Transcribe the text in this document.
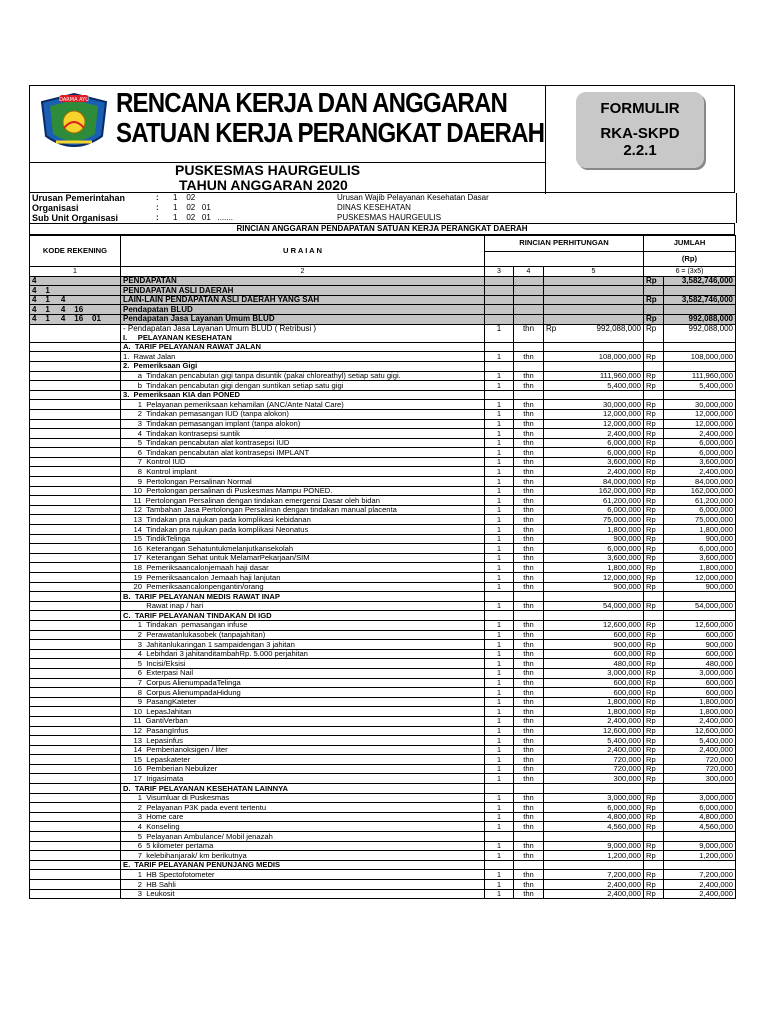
DARMA AYU RENCANA KERJA DAN ANGGARAN
SATUAN KERJA PERANGKAT DAERAH
PUSKESMAS HAURGEULIS
TAHUN ANGGARAN 2020
FORMULIR
RKA-SKPD
2.2.1
Urusan Pemerintahan	: 1    02	Urusan Wajib Pelayanan Kesehatan Dasar
Organisasi	: 1    02   01	DINAS KESEHATAN
Sub Unit Organisasi	: 1    02   01   .......	PUSKESMAS HAURGEULIS
RINCIAN ANGGARAN PENDAPATAN SATUAN KERJA PERANGKAT DAERAH
KODE REKENING	U R A I A N	RINCIAN PERHITUNGAN			JUMLAH	
					(Rp)	
1	2	3	4	5	6 = (3x5)	
4	PENDAPATAN				Rp	3,582,746,000
4    1	PENDAPATAN ASLI DAERAH					
4    1     4	LAIN-LAIN PENDAPATAN ASLI DAERAH YANG SAH				Rp	3,582,746,000
4    1     4    16	Pendapatan BLUD					
4    1     4    16    01	Pendapatan Jasa Layanan Umum BLUD				Rp	992,088,000
	- Pendapatan Jasa Layanan Umum BLUD ( Retribusi )	1	thn	Rp 992,088,000	Rp	992,088,000
	I.     PELAYANAN KESEHATAN					
	A.  TARIF PELAYANAN RAWAT JALAN					
	1.  Rawat Jalan	1	thn	108,000,000	Rp	108,000,000
	2.  Pemeriksaan Gigi					
	a  Tindakan pencabutan gigi tanpa disuntik (pakai chloreathyl) setiap satu gigi.	1	thn	111,960,000	Rp	111,960,000
	b  Tindakan pencabutan gigi dengan suntikan setiap satu gigi	1	thn	5,400,000	Rp	5,400,000
	3.  Pemeriksaan KIA dan PONED					
	1  Pelayanan pemeriksaan kehamilan (ANC/Ante Natal Care)	1	thn	30,000,000	Rp	30,000,000
	2  Tindakan pemasangan IUD (tanpa alokon)	1	thn	12,000,000	Rp	12,000,000
	3  Tindakan pemasangan implant (tanpa alokon)	1	thn	12,000,000	Rp	12,000,000
	4  Tindakan kontrasepsi suntik	1	thn	2,400,000	Rp	2,400,000
	5  Tindakan pencabutan alat kontrasepsi IUD	1	thn	6,000,000	Rp	6,000,000
	6  Tindakan pencabutan alat kontrasepsi IMPLANT	1	thn	6,000,000	Rp	6,000,000
	7  Kontrol IUD	1	thn	3,600,000	Rp	3,600,000
	8  Kontrol implant	1	thn	2,400,000	Rp	2,400,000
	9  Pertolongan Persalinan Normal	1	thn	84,000,000	Rp	84,000,000
	10  Pertolongan persalinan di Puskesmas Mampu PONED.	1	thn	162,000,000	Rp	162,000,000
	11  Pertolongan Persalinan dengan tindakan emergensi Dasar oleh bidan	1	thn	61,200,000	Rp	61,200,000
	12  Tambahan Jasa Pertolongan Persalinan dengan tindakan manual placenta	1	thn	6,000,000	Rp	6,000,000
	13  Tindakan pra rujukan pada komplikasi kebidanan	1	thn	75,000,000	Rp	75,000,000
	14  Tindakan pra rujukan pada komplikasi Neonatus	1	thn	1,800,000	Rp	1,800,000
	15  TindikTelinga	1	thn	900,000	Rp	900,000
	16  Keterangan Sehatuntukmelanjutkansekolah	1	thn	6,000,000	Rp	6,000,000
	17  Keterangan Sehat untuk MelamarPekarjaan/SIM	1	thn	3,600,000	Rp	3,600,000
	18  Pemeriksaancalonjemaah haji dasar	1	thn	1,800,000	Rp	1,800,000
	19  Pemeriksaancalon Jemaah haji lanjutan	1	thn	12,000,000	Rp	12,000,000
	20  Pemeriksaancalonpengantin/orang	1	thn	900,000	Rp	900,000
	B.  TARIF PELAYANAN MEDIS RAWAT INAP					
	Rawat inap / hari	1	thn	54,000,000	Rp	54,000,000
	C.  TARIF PELAYANAN TINDAKAN DI IGD					
	1  Tindakan  pemasangan infuse	1	thn	12,600,000	Rp	12,600,000
	2  Perawatanlukasobek (tanpajahitan)	1	thn	600,000	Rp	600,000
	3  Jahitanlukaringan 1 sampaidengan 3 jahitan	1	thn	900,000	Rp	900,000
	4  Lebihdari 3 jahitanditambahRp. 5.000 perjahitan	1	thn	600,000	Rp	600,000
	5  Incisi/Eksisi	1	thn	480,000	Rp	480,000
	6  Exterpasi Nail	1	thn	3,000,000	Rp	3,000,000
	7  Corpus AlienumpadaTelinga	1	thn	600,000	Rp	600,000
	8  Corpus AlienumpadaHidung	1	thn	600,000	Rp	600,000
	9  PasangKateter	1	thn	1,800,000	Rp	1,800,000
	10  LepasJahitan	1	thn	1,800,000	Rp	1,800,000
	11  GantiVerban	1	thn	2,400,000	Rp	2,400,000
	12  PasangInfus	1	thn	12,600,000	Rp	12,600,000
	13  Lepasinfus	1	thn	5,400,000	Rp	5,400,000
	14  Pemberianoksigen / liter	1	thn	2,400,000	Rp	2,400,000
	15  Lepaskateter	1	thn	720,000	Rp	720,000
	16  Pemberian Nebulizer	1	thn	720,000	Rp	720,000
	17  Irigasimata	1	thn	300,000	Rp	300,000
	D.  TARIF PELAYANAN KESEHATAN LAINNYA					
	1  Visumluar di Puskesmas	1	thn	3,000,000	Rp	3,000,000
	2  Pelayanan P3K pada event tertentu	1	thn	6,000,000	Rp	6,000,000
	3  Home care	1	thn	4,800,000	Rp	4,800,000
	4  Konseling	1	thn	4,560,000	Rp	4,560,000
	5  Pelayanan Ambulance/ Mobil jenazah					
	6  5 kilometer pertama	1	thn	9,000,000	Rp	9,000,000
	7  kelebihanjarak/ km berikutnya	1	thn	1,200,000	Rp	1,200,000
	E.  TARIF PELAYANAN PENUNJANG MEDIS					
	1  HB Spectofotometer	1	thn	7,200,000	Rp	7,200,000
	2  HB Sahli	1	thn	2,400,000	Rp	2,400,000
	3  Leukosit	1	thn	2,400,000	Rp	2,400,000
